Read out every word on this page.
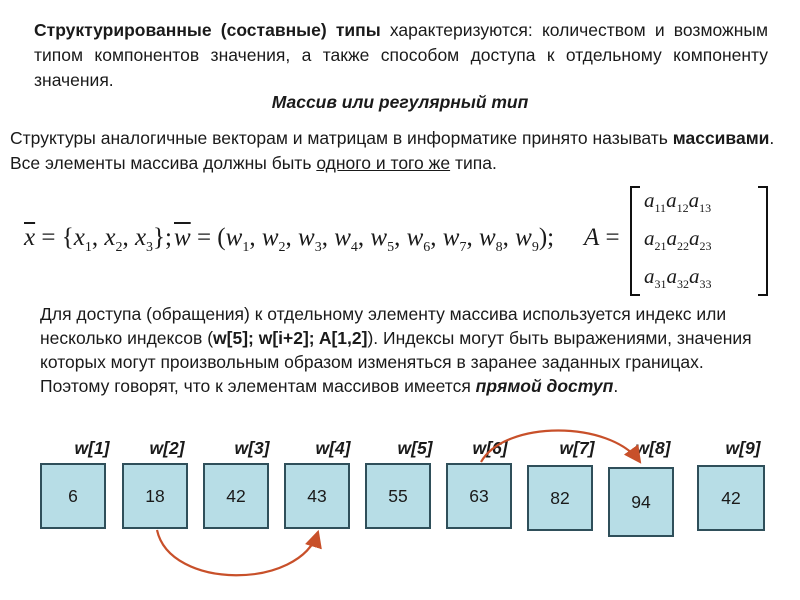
Структурированные (составные) типы характеризуются: количеством и возможным типом компонентов значения, а также способом доступа к отдельному компоненту значения.
Массив или регулярный тип
Структуры аналогичные векторам и матрицам в информатике принято называть массивами. Все элементы массива должны быть одного и того же типа.
$\overline{x} = \{x_1$, $x_2$, $x_3$}; $\overline{w} = (w_1$, $w_2$, $w_3$, $w_4$, $w_5$, $w_6$, $w_7$, $w_8$, $w_9$); A =
$a_{11}a_{12}a_{13}$
$a_{21}a_{22}a_{23}$
$a_{31}a_{32}a_{33}$
Для доступа (обращения) к отдельному элементу массива используется индекс или несколько индексов (w[5]; w[i+2]; A[1,2]). Индексы могут быть выражениями, значения которых могут произвольным образом изменяться в заранее заданных границах. Поэтому говорят, что к элементам массивов имеется прямой доступ.
w[1]	w[2]	w[3]	w[4]	w[5]	w[6]	w[7]	w[8]	w[9]
6	18	42	43	55	63	82	94	42
